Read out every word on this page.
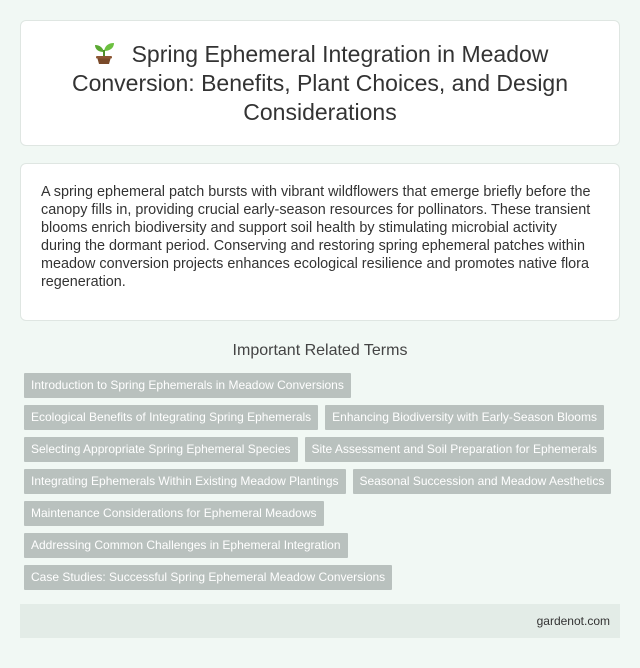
Spring Ephemeral Integration in Meadow Conversion: Benefits, Plant Choices, and Design Considerations

A spring ephemeral patch bursts with vibrant wildflowers that emerge briefly before the canopy fills in, providing crucial early-season resources for pollinators. These transient blooms enrich biodiversity and support soil health by stimulating microbial activity during the dormant period. Conserving and restoring spring ephemeral patches within meadow conversion projects enhances ecological resilience and promotes native flora regeneration.

Important Related Terms
Introduction to Spring Ephemerals in Meadow Conversions
Ecological Benefits of Integrating Spring Ephemerals	Enhancing Biodiversity with Early-Season Blooms
Selecting Appropriate Spring Ephemeral Species	Site Assessment and Soil Preparation for Ephemerals
Integrating Ephemerals Within Existing Meadow Plantings	Seasonal Succession and Meadow Aesthetics
Maintenance Considerations for Ephemeral Meadows
Addressing Common Challenges in Ephemeral Integration
Case Studies: Successful Spring Ephemeral Meadow Conversions
gardenot.com
